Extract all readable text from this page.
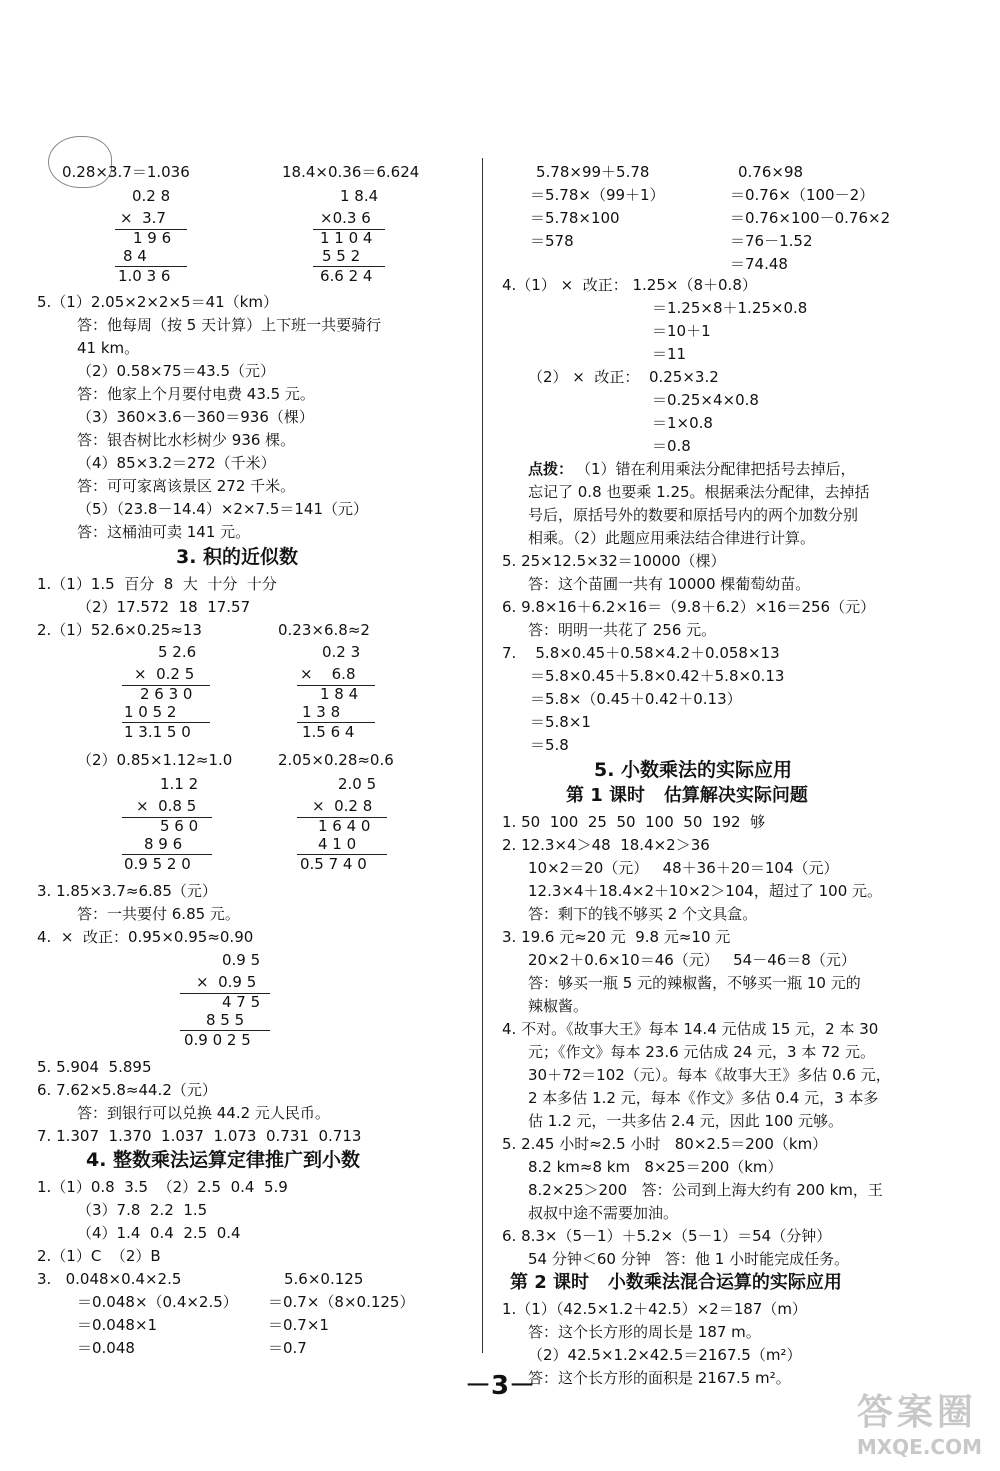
0.28×3.7＝1.036	18.4×0.36＝6.624
0.2 8
×  3.7
1 9 6
8 4
1.0 3 6
1 8.4
×0.3 6
1 1 0 4
5 5 2
6.6 2 4
5.（1）2.05×2×2×5＝41（km）
答：他每周（按 5 天计算）上下班一共要骑行
41 km。
（2）0.58×75＝43.5（元）
答：他家上个月要付电费 43.5 元。
（3）360×3.6－360＝936（棵）
答：银杏树比水杉树少 936 棵。
（4）85×3.2＝272（千米）
答：可可家离该景区 272 千米。
（5）（23.8－14.4）×2×7.5＝141（元）
答：这桶油可卖 141 元。
3. 积的近似数
1.（1）1.5  百分  8  大  十分  十分
（2）17.572  18  17.57
2.（1）52.6×0.25≈13	0.23×6.8≈2
5 2.6
×  0.2 5
2 6 3 0
1 0 5 2
1 3.1 5 0
0.2 3
×    6.8
1 8 4
1 3 8
1.5 6 4
（2）0.85×1.12≈1.0	2.05×0.28≈0.6
1.1 2
×  0.8 5
5 6 0
8 9 6
0.9 5 2 0
2.0 5
×  0.2 8
1 6 4 0
4 1 0
0.5 7 4 0
3. 1.85×3.7≈6.85（元）
答：一共要付 6.85 元。
4.  ×  改正：0.95×0.95≈0.90
0.9 5
×  0.9 5
4 7 5
8 5 5
0.9 0 2 5
5. 5.904  5.895
6. 7.62×5.8≈44.2（元）
答：到银行可以兑换 44.2 元人民币。
7. 1.307  1.370  1.037  1.073  0.731  0.713
4. 整数乘法运算定律推广到小数
1.（1）0.8  3.5  （2）2.5  0.4  5.9
（3）7.8  2.2  1.5
（4）1.4  0.4  2.5  0.4
2.（1）C  （2）B
3.   0.048×0.4×2.5
＝0.048×（0.4×2.5）
＝0.048×1
＝0.048
5.6×0.125
＝0.7×（8×0.125）
＝0.7×1
＝0.7
5.78×99＋5.78
＝5.78×（99＋1）
＝5.78×100
＝578
0.76×98
＝0.76×（100－2）
＝0.76×100－0.76×2
＝76－1.52
＝74.48
4.（1） ×  改正： 1.25×（8＋0.8）
＝1.25×8＋1.25×0.8
＝10＋1
＝11
（2） ×  改正：  0.25×3.2
＝0.25×4×0.8
＝1×0.8
＝0.8
点拨： （1）错在利用乘法分配律把括号去掉后，
忘记了 0.8 也要乘 1.25。根据乘法分配律，去掉括
号后，原括号外的数要和原括号内的两个加数分别
相乘。（2）此题应用乘法结合律进行计算。
5. 25×12.5×32＝10000（棵）
答：这个苗圃一共有 10000 棵葡萄幼苗。
6. 9.8×16＋6.2×16＝（9.8＋6.2）×16＝256（元）
答：明明一共花了 256 元。
7.    5.8×0.45＋0.58×4.2＋0.058×13
＝5.8×0.45＋5.8×0.42＋5.8×0.13
＝5.8×（0.45＋0.42＋0.13）
＝5.8×1
＝5.8
5. 小数乘法的实际应用
第 1 课时   估算解决实际问题
1. 50  100  25  50  100  50  192  够
2. 12.3×4＞48  18.4×2＞36
10×2＝20（元）   48＋36＋20＝104（元）
12.3×4＋18.4×2＋10×2＞104，超过了 100 元。
答：剩下的钱不够买 2 个文具盒。
3. 19.6 元≈20 元  9.8 元≈10 元
20×2＋0.6×10＝46（元）   54－46＝8（元）
答：够买一瓶 5 元的辣椒酱，不够买一瓶 10 元的
辣椒酱。
4. 不对。《故事大王》每本 14.4 元估成 15 元，2 本 30
元；《作文》每本 23.6 元估成 24 元，3 本 72 元。
30＋72＝102（元）。每本《故事大王》多估 0.6 元，
2 本多估 1.2 元，每本《作文》多估 0.4 元，3 本多
估 1.2 元，一共多估 2.4 元，因此 100 元够。
5. 2.45 小时≈2.5 小时   80×2.5＝200（km）
8.2 km≈8 km   8×25＝200（km）
8.2×25＞200   答：公司到上海大约有 200 km，王
叔叔中途不需要加油。
6. 8.3×（5－1）＋5.2×（5－1）＝54（分钟）
54 分钟＜60 分钟   答：他 1 小时能完成任务。
第 2 课时   小数乘法混合运算的实际应用
1.（1）（42.5×1.2＋42.5）×2＝187（m）
答：这个长方形的周长是 187 m。
（2）42.5×1.2×42.5＝2167.5（m²）
答：这个长方形的面积是 2167.5 m²。
－3－
答案圈
MXQE.COM
